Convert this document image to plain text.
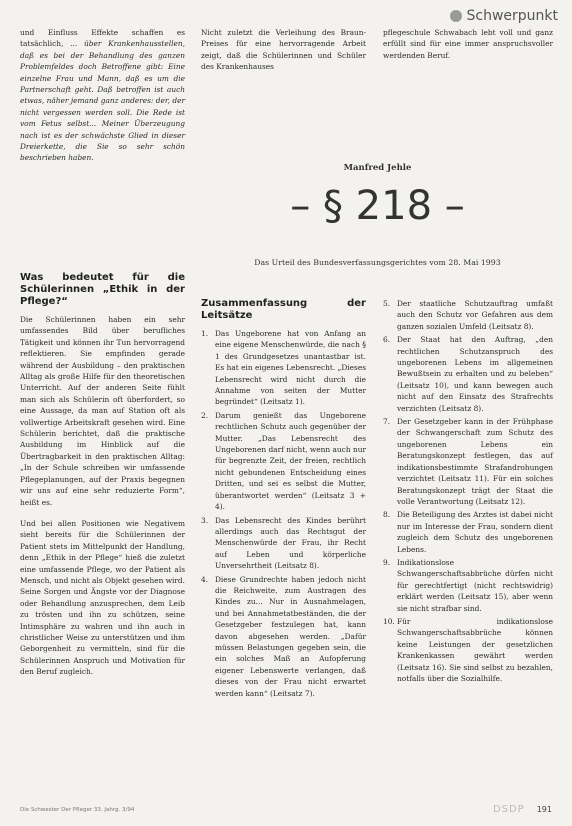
Schwerpunkt

und Einfluss Effekte schaffen es tatsächlich, ... über Krankenhausstellen, daß es bei der Behandlung des ganzen Problemfeldes doch Betroffene gibt: Eine einzelne Frau und Mann, daß es um die Partnerschaft geht. Daß betroffen ist auch etwas, näher jemand ganz anderes: der, der nicht vergessen werden soll. Die Rede ist vom Fetus selbst... Meiner Überzeugung nach ist es der schwächste Glied in dieser Dreierkette, die Sie so sehr schön beschrieben haben.

Was bedeutet für die Schülerinnen „Ethik in der Pflege?“

Die Schülerinnen haben ein sehr umfassendes Bild über berufliches Tätigkeit und können ihr Tun hervorragend reflektieren. Sie empfinden gerade während der Ausbildung – den praktischen Alltag als große Hilfe für den theoretischen Unterricht. Auf der anderen Seite fühlt man sich als Schülerin oft überfordert, so eine Aussage, da man auf Station oft als vollwertige Arbeitskraft gesehen wird. Eine Schülerin berichtet, daß die praktische Ausbildung im Hinblick auf die Übertragbarkeit in den praktischen Alltag: „In der Schule schreiben wir umfassende Pflegeplanungen, auf der Praxis begegnen wir uns auf eine sehr reduzierte Form“, heißt es.

Und bei allen Positionen wie Negativem sieht bereits für die Schülerinnen der Patient stets im Mittelpunkt der Handlung, denn „Ethik in der Pflege“ hieß die zuletzt eine umfassende Pflege, wo der Patient als Mensch, und nicht als Objekt gesehen wird. Seine Sorgen und Ängste vor der Diagnose oder Behandlung anzusprechen, dem Leib zu trösten und ihn zu schützen, seine Intimsphäre zu wahren und ihn auch in christlicher Weise zu unterstützen und ihm Geborgenheit zu vermitteln, sind für die Schülerinnen Anspruch und Motivation für den Beruf zugleich.

Nicht zuletzt die Verleihung des Braun-Preises für eine hervorragende Arbeit zeigt, daß die Schülerinnen und Schüler des Krankenhauses

pflegeschule Schwabach lebt voll und ganz erfüllt sind für eine immer anspruchsvoller werdenden Beruf.

Manfred Jehle
– § 218 –
Das Urteil des Bundesverfassungsgerichtes vom 28. Mai 1993
Zusammenfassung der Leitsätze
1. Das Ungeborene hat von Anfang an eine eigene Menschenwürde, die nach § 1 des Grundgesetzes unantastbar ist. Es hat ein eigenes Lebensrecht. „Dieses Lebensrecht wird nicht durch die Annahme von seiten der Mutter begründet“ (Leitsatz 1).
2. Darum genießt das Ungeborene rechtlichen Schutz auch gegenüber der Mutter. „Das Lebensrecht des Ungeborenen darf nicht, wenn auch nur für begrenzte Zeit, der freien, rechtlich nicht gebundenen Entscheidung eines Dritten, und sei es selbst die Mutter, überantwortet werden“ (Leitsatz 3 + 4).
3. Das Lebensrecht des Kindes berührt allerdings auch das Rechtsgut der Menschenwürde der Frau, ihr Recht auf Leben und körperliche Unversehrtheit (Leitsatz 8).
4. Diese Grundrechte haben jedoch nicht die Reichweite, zum Austragen des Kindes zu... Nur in Ausnahmelagen, und bei Annahmetatbeständen, die der Gesetzgeber festzulegen hat, kann davon abgesehen werden. „Dafür müssen Belastungen gegeben sein, die ein solches Maß an Aufopferung eigener Lebenswerte verlangen, daß dieses von der Frau nicht erwartet werden kann“ (Leitsatz 7).
5. Der staatliche Schutzauftrag umfaßt auch den Schutz vor Gefahren aus dem ganzen sozialen Umfeld (Leitsatz 8).
6. Der Staat hat den Auftrag, „den rechtlichen Schutzanspruch des ungeborenen Lebens im allgemeinen Bewußtsein zu erhalten und zu beleben“ (Leitsatz 10), und kann bewegen auch nicht auf den Einsatz des Strafrechts verzichten (Leitsatz 8).
7. Der Gesetzgeber kann in der Frühphase der Schwangerschaft zum Schutz des ungeborenen Lebens ein Beratungskonzept festlegen, das auf indikationsbestimmte Strafandrohungen verzichtet (Leitsatz 11). Für ein solches Beratungskonzept trägt der Staat die volle Verantwortung (Leitsatz 12).
8. Die Beteiligung des Arztes ist dabei nicht nur im Interesse der Frau, sondern dient zugleich dem Schutz des ungeborenen Lebens.
9. Indikationslose Schwangerschaftsabbrüche dürfen nicht für gerechtfertigt (nicht rechtswidrig) erklärt werden (Leitsatz 15), aber wenn sie nicht strafbar sind.
10. Für indikationslose Schwangerschaftsabbrüche können keine Leistungen der gesetzlichen Krankenkassen gewährt werden (Leitsatz 16). Sie sind selbst zu bezahlen, notfalls über die Sozialhilfe.
Die Schwester Der Pfleger 33. Jahrg. 3/94	DSDP 191
